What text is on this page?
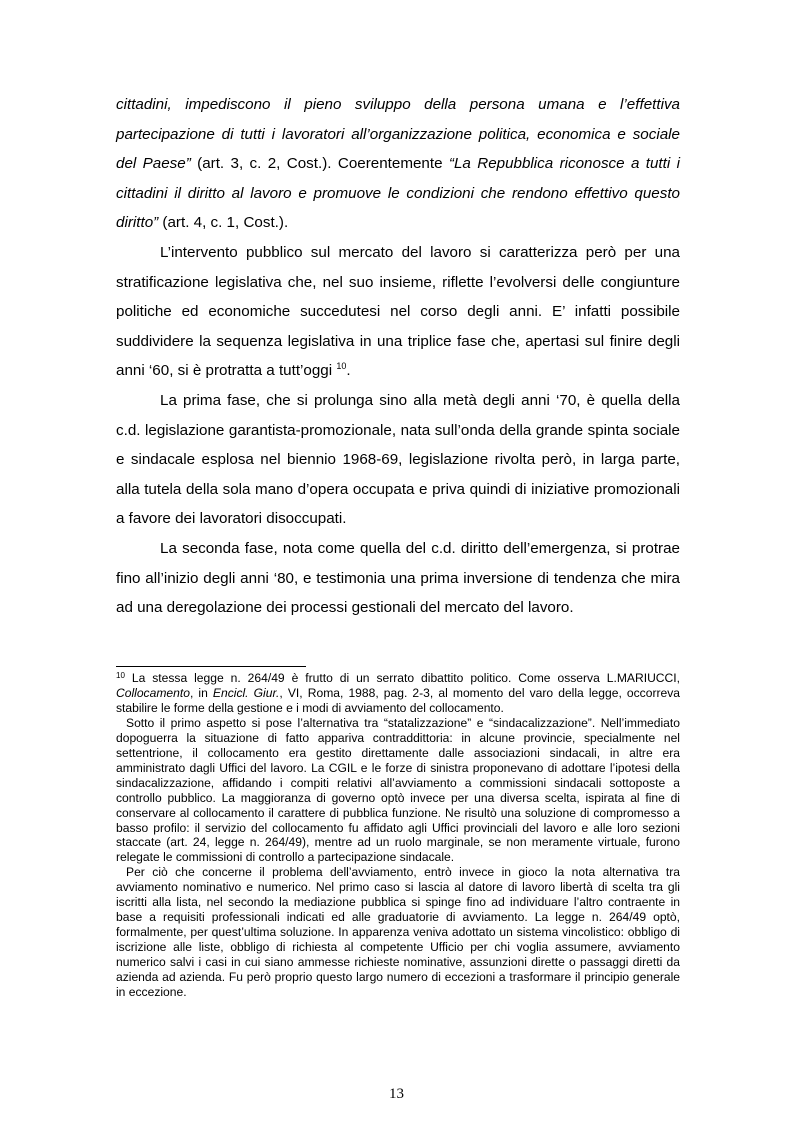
cittadini, impediscono il pieno sviluppo della persona umana e l’effettiva partecipazione di tutti i lavoratori all’organizzazione politica, economica e sociale del Paese” (art. 3, c. 2, Cost.). Coerentemente “La Repubblica riconosce a tutti i cittadini il diritto al lavoro e promuove le condizioni che rendono effettivo questo diritto” (art. 4, c. 1, Cost.).

L’intervento pubblico sul mercato del lavoro si caratterizza però per una stratificazione legislativa che, nel suo insieme, riflette l’evolversi delle congiunture politiche ed economiche succedutesi nel corso degli anni. E’ infatti possibile suddividere la sequenza legislativa in una triplice fase che, apertasi sul finire degli anni ‘60, si è protratta a tutt’oggi $^{10}$.

La prima fase, che si prolunga sino alla metà degli anni ‘70, è quella della c.d. legislazione garantista-promozionale, nata sull’onda della grande spinta sociale e sindacale esplosa nel biennio 1968-69, legislazione rivolta però, in larga parte, alla tutela della sola mano d’opera occupata e priva quindi di iniziative promozionali a favore dei lavoratori disoccupati.

La seconda fase, nota come quella del c.d. diritto dell’emergenza, si protrae fino all’inizio degli anni ‘80, e testimonia una prima inversione di tendenza che mira ad una deregolazione dei processi gestionali del mercato del lavoro.

$^{10}$ La stessa legge n. 264/49 è frutto di un serrato dibattito politico. Come osserva L.MARIUCCI, Collocamento, in Encicl. Giur., VI, Roma, 1988, pag. 2-3, al momento del varo della legge, occorreva stabilire le forme della gestione e i modi di avviamento del collocamento.

Sotto il primo aspetto si pose l’alternativa tra “statalizzazione” e “sindacalizzazione”. Nell’immediato dopoguerra la situazione di fatto appariva contraddittoria: in alcune provincie, specialmente nel settentrione, il collocamento era gestito direttamente dalle associazioni sindacali, in altre era amministrato dagli Uffici del lavoro. La CGIL e le forze di sinistra proponevano di adottare l’ipotesi della sindacalizzazione, affidando i compiti relativi all’avviamento a commissioni sindacali sottoposte a controllo pubblico. La maggioranza di governo optò invece per una diversa scelta, ispirata al fine di conservare al collocamento il carattere di pubblica funzione. Ne risultò una soluzione di compromesso a basso profilo: il servizio del collocamento fu affidato agli Uffici provinciali del lavoro e alle loro sezioni staccate (art. 24, legge n. 264/49), mentre ad un ruolo marginale, se non meramente virtuale, furono relegate le commissioni di controllo a partecipazione sindacale.

Per ciò che concerne il problema dell’avviamento, entrò invece in gioco la nota alternativa tra avviamento nominativo e numerico. Nel primo caso si lascia al datore di lavoro libertà di scelta tra gli iscritti alla lista, nel secondo la mediazione pubblica si spinge fino ad individuare l’altro contraente in base a requisiti professionali indicati ed alle graduatorie di avviamento. La legge n. 264/49 optò, formalmente, per quest’ultima soluzione. In apparenza veniva adottato un sistema vincolistico: obbligo di iscrizione alle liste, obbligo di richiesta al competente Ufficio per chi voglia assumere, avviamento numerico salvi i casi in cui siano ammesse richieste nominative, assunzioni dirette o passaggi diretti da azienda ad azienda. Fu però proprio questo largo numero di eccezioni a trasformare il principio generale in eccezione.

13
